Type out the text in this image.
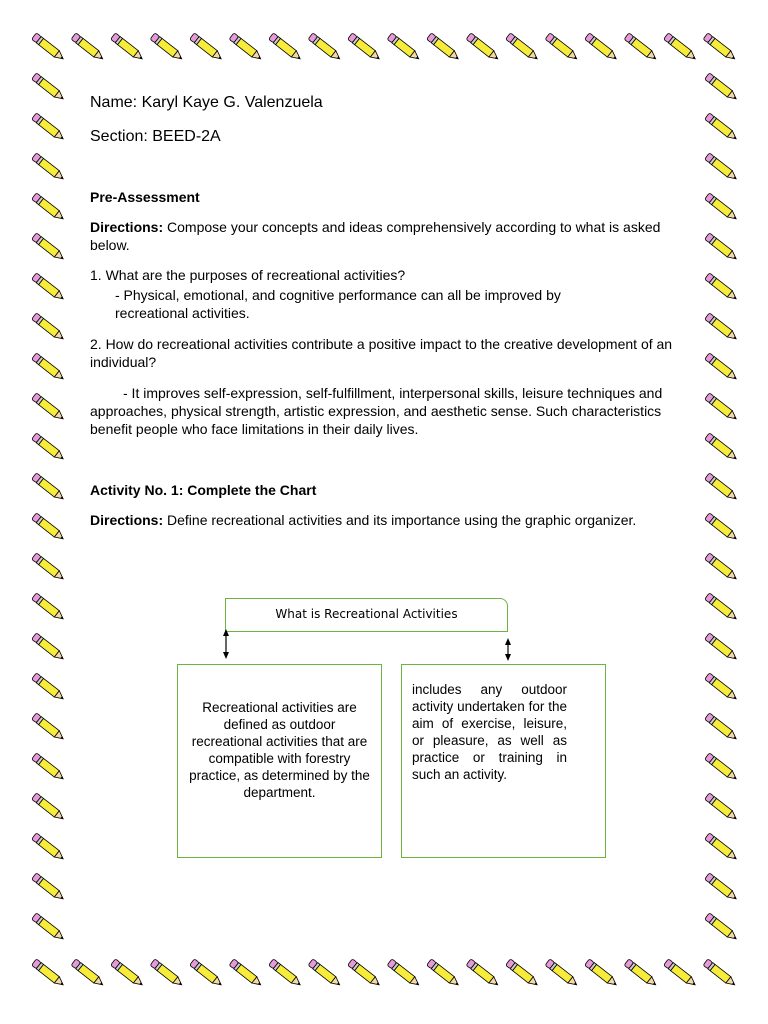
Name: Karyl Kaye G. Valenzuela
Section: BEED-2A
Pre-Assessment
Directions: Compose your concepts and ideas comprehensively according to what is asked below.
1. What are the purposes of recreational activities?
- Physical, emotional, and cognitive performance can all be improved by recreational activities.
2. How do recreational activities contribute a positive impact to the creative development of an individual?
- It improves self-expression, self-fulfillment, interpersonal skills, leisure techniques and approaches, physical strength, artistic expression, and aesthetic sense. Such characteristics benefit people who face limitations in their daily lives.
Activity No. 1: Complete the Chart
Directions: Define recreational activities and its importance using the graphic organizer.
What is Recreational Activities
Recreational activities are defined as outdoor recreational activities that are compatible with forestry practice, as determined by the department.
includes any outdoor activity undertaken for the aim of exercise, leisure, or pleasure, as well as practice or training in such an activity.
